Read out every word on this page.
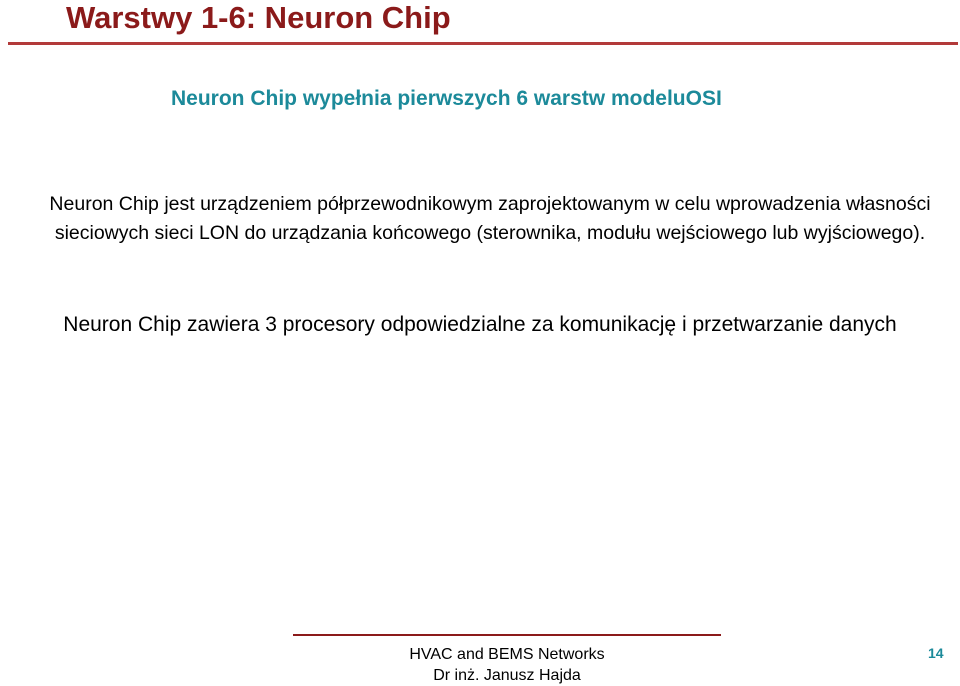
Warstwy 1-6: Neuron Chip
Neuron Chip wypełnia pierwszych 6 warstw modeluOSI
Neuron Chip jest urządzeniem półprzewodnikowym zaprojektowanym w celu wprowadzenia własności sieciowych sieci LON do urządzania końcowego (sterownika, modułu wejściowego lub wyjściowego).
Neuron Chip zawiera 3 procesory odpowiedzialne za komunikację i przetwarzanie danych
HVAC and BEMS Networks
Dr inż. Janusz Hajda
14
